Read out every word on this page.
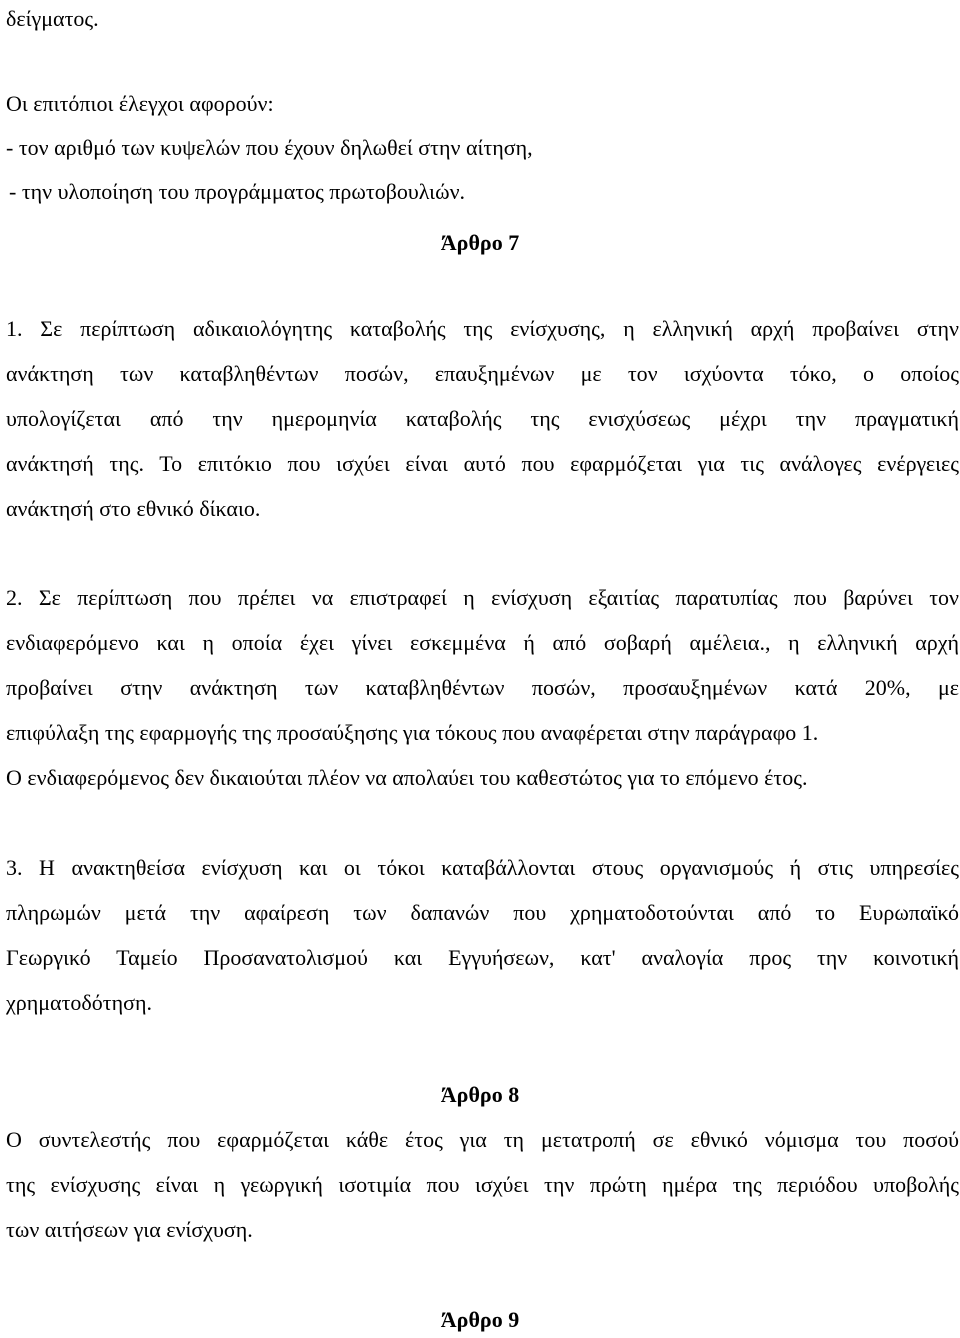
δείγματος.
Οι επιτόπιοι έλεγχοι αφορούν:
- τον αριθμό των κυψελών που έχουν δηλωθεί στην αίτηση,
- την υλοποίηση του προγράμματος πρωτοβουλιών.
Άρθρο 7
1. Σε περίπτωση αδικαιολόγητης καταβολής της ενίσχυσης, η ελληνική αρχή προβαίνει στην
ανάκτηση των καταβληθέντων ποσών, επαυξημένων με τον ισχύοντα τόκο, ο οποίος
υπολογίζεται από την ημερομηνία καταβολής της ενισχύσεως μέχρι την πραγματική
ανάκτησή της. Το επιτόκιο που ισχύει είναι αυτό που εφαρμόζεται για τις ανάλογες ενέργειες
ανάκτησή στο εθνικό δίκαιο.
2. Σε περίπτωση που πρέπει να επιστραφεί η ενίσχυση εξαιτίας παρατυπίας που βαρύνει τον
ενδιαφερόμενο και η οποία έχει γίνει εσκεμμένα ή από σοβαρή αμέλεια., η ελληνική αρχή
προβαίνει στην ανάκτηση των καταβληθέντων ποσών, προσαυξημένων κατά 20%, με
επιφύλαξη της εφαρμογής της προσαύξησης για τόκους που αναφέρεται στην παράγραφο 1.
Ο ενδιαφερόμενος δεν δικαιούται πλέον να απολαύει του καθεστώτος για το επόμενο έτος.
3. Η ανακτηθείσα ενίσχυση και οι τόκοι καταβάλλονται στους οργανισμούς ή στις υπηρεσίες
πληρωμών μετά την αφαίρεση των δαπανών που χρηματοδοτούνται από το Ευρωπαϊκό
Γεωργικό Ταμείο Προσανατολισμού και Εγγυήσεων, κατ' αναλογία προς την κοινοτική
χρηματοδότηση.
Άρθρο 8
Ο συντελεστής που εφαρμόζεται κάθε έτος για τη μετατροπή σε εθνικό νόμισμα του ποσού
της ενίσχυσης είναι η γεωργική ισοτιμία που ισχύει την πρώτη ημέρα της περιόδου υποβολής
των αιτήσεων για ενίσχυση.
Άρθρο 9
